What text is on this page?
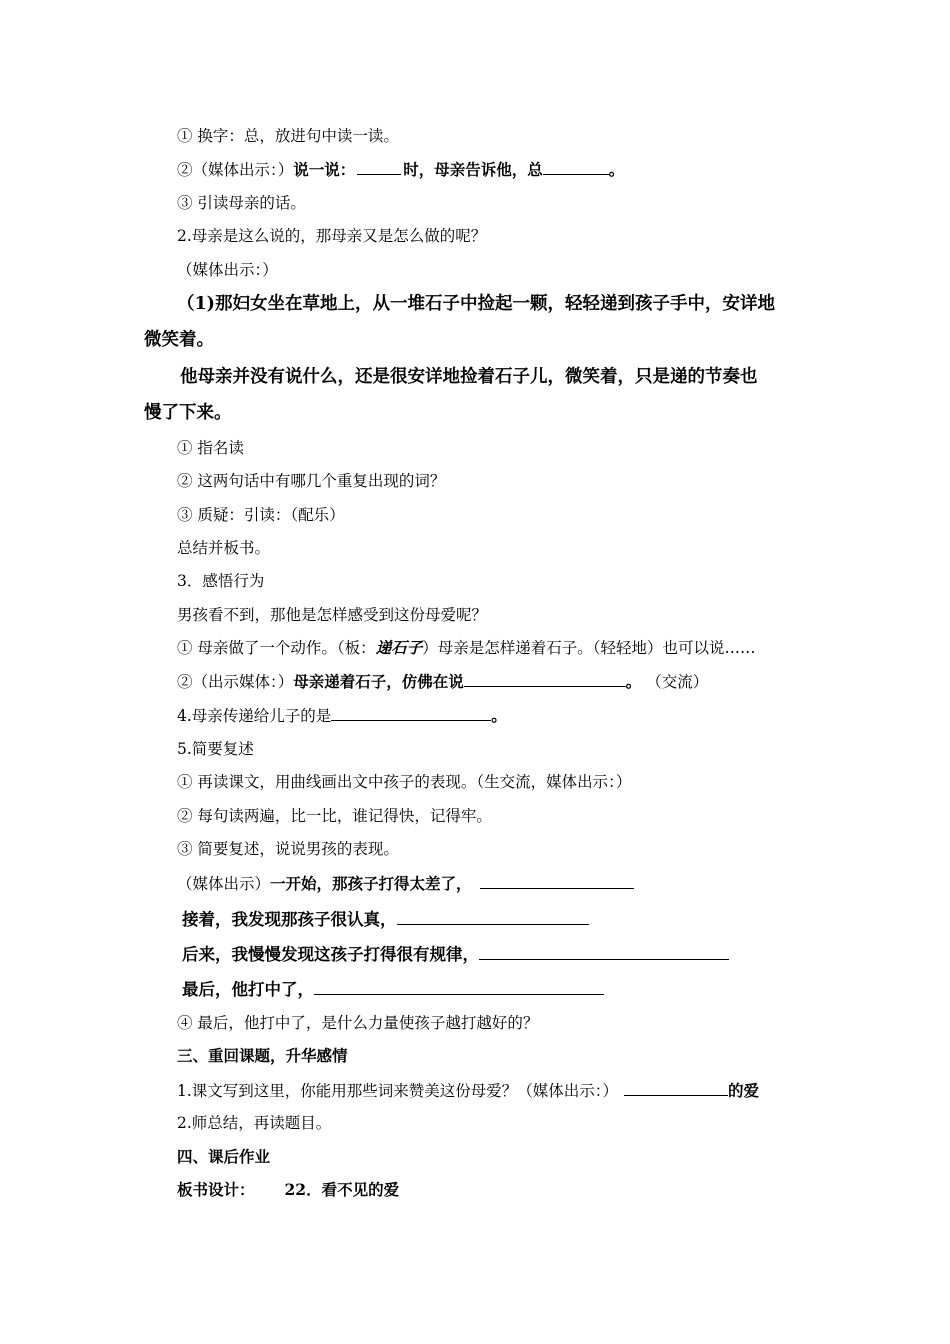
① 换字：总，放进句中读一读。
②（媒体出示：）说一说：	时，母亲告诉他，总	。
③ 引读母亲的话。
2.母亲是这么说的，那母亲又是怎么做的呢？
（媒体出示：）
（1)那妇女坐在草地上，从一堆石子中捡起一颗，轻轻递到孩子手中，安详地
微笑着。
他母亲并没有说什么，还是很安详地捡着石子儿，微笑着，只是递的节奏也
慢了下来。
① 指名读
② 这两句话中有哪几个重复出现的词？
③ 质疑：引读：（配乐）
总结并板书。
3．感悟行为
男孩看不到，那他是怎样感受到这份母爱呢？
① 母亲做了一个动作。（板：递石子）母亲是怎样递着石子。（轻轻地）也可以说……
②（出示媒体：）母亲递着石子，仿佛在说	。 （交流）
4.母亲传递给儿子的是	。
5.简要复述
① 再读课文，用曲线画出文中孩子的表现。（生交流，媒体出示：）
② 每句读两遍，比一比，谁记得快，记得牢。
③ 简要复述，说说男孩的表现。
（媒体出示）一开始，那孩子打得太差了，
接着，我发现那孩子很认真，
后来，我慢慢发现这孩子打得很有规律，
最后，他打中了，
④ 最后，他打中了，是什么力量使孩子越打越好的？
三、重回课题，升华感情
1.课文写到这里，你能用那些词来赞美这份母爱？（媒体出示：）	的爱
2.师总结，再读题目。
四、课后作业
板书设计： 22．看不见的爱
